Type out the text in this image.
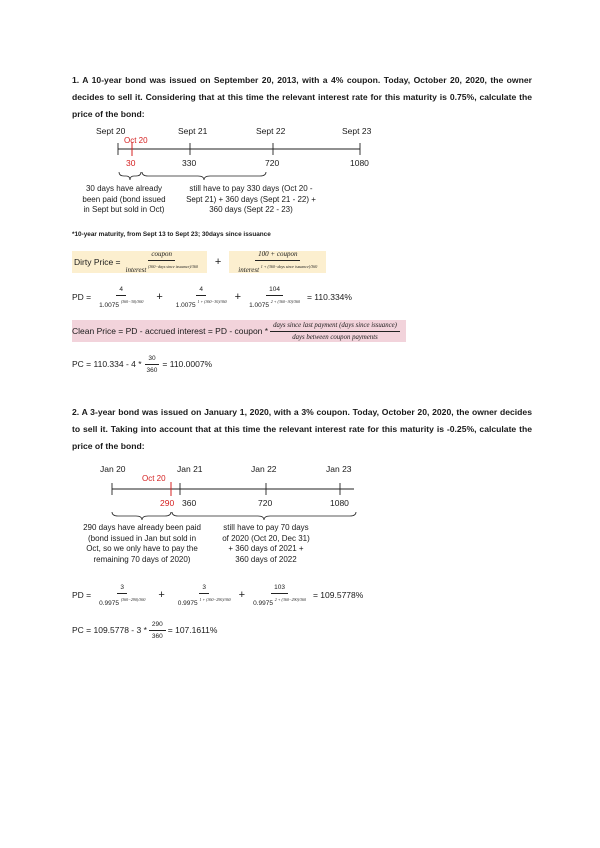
1. A 10-year bond was issued on September 20, 2013, with a 4% coupon. Today, October 20, 2020, the owner decides to sell it. Considering that at this time the relevant interest rate for this maturity is 0.75%, calculate the price of the bond:
Sept 20	Sept 21	Sept 22	Sept 23
Oct 20
30	330	720	1080
30 days have already
been paid (bond issued
in Sept but sold in Oct)
still have to pay 330 days (Oct 20 -
Sept 21) + 360 days (Sept 21 - 22) +
360 days (Sept 22 - 23)
*10-year maturity, from Sept 13 to Sept 23; 30days since issuance
Dirty Price =
coupon
interest $^{(360-days since issuance)/360}$ +
100 + coupon
interest $^{1 + (360-days since issuance)/360}$
PD = $\frac{4}{1.0075 ^{(360-30)/360}} + \frac{4}{1.0075 ^{1 + (360-30)/360}} + \frac{104}{1.0075 ^{2 + (360-30)/360}} = 110.334\%$
Clean Price = PD - accrued interest = PD - coupon *
days since last payment (days since issuance)
days between coupon payments
PC = $110.334 - 4 * \frac{30}{360} = 110.0007\%$
2. A 3-year bond was issued on January 1, 2020, with a 3% coupon. Today, October 20, 2020, the owner decides to sell it. Taking into account that at this time the relevant interest rate for this maturity is -0.25%, calculate the price of the bond:
Jan 20	Jan 21	Jan 22	Jan 23
Oct 20
290 360	720	1080
290 days have already been paid
(bond issued in Jan but sold in
Oct, so we only have to pay the
remaining 70 days of 2020)
still have to pay 70 days
of 2020 (Oct 20, Dec 31)
+ 360 days of 2021 +
360 days of 2022
PD = $\frac{3}{0.9975 ^{(360-290)/360}} + \frac{3}{0.9975 ^{1 + (360-290)/360}} + \frac{103}{0.9975 ^{2 + (360-290)/360}} = 109.5778\%$
PC = $109.5778 - 3 * \frac{290}{360} = 107.1611\%$
